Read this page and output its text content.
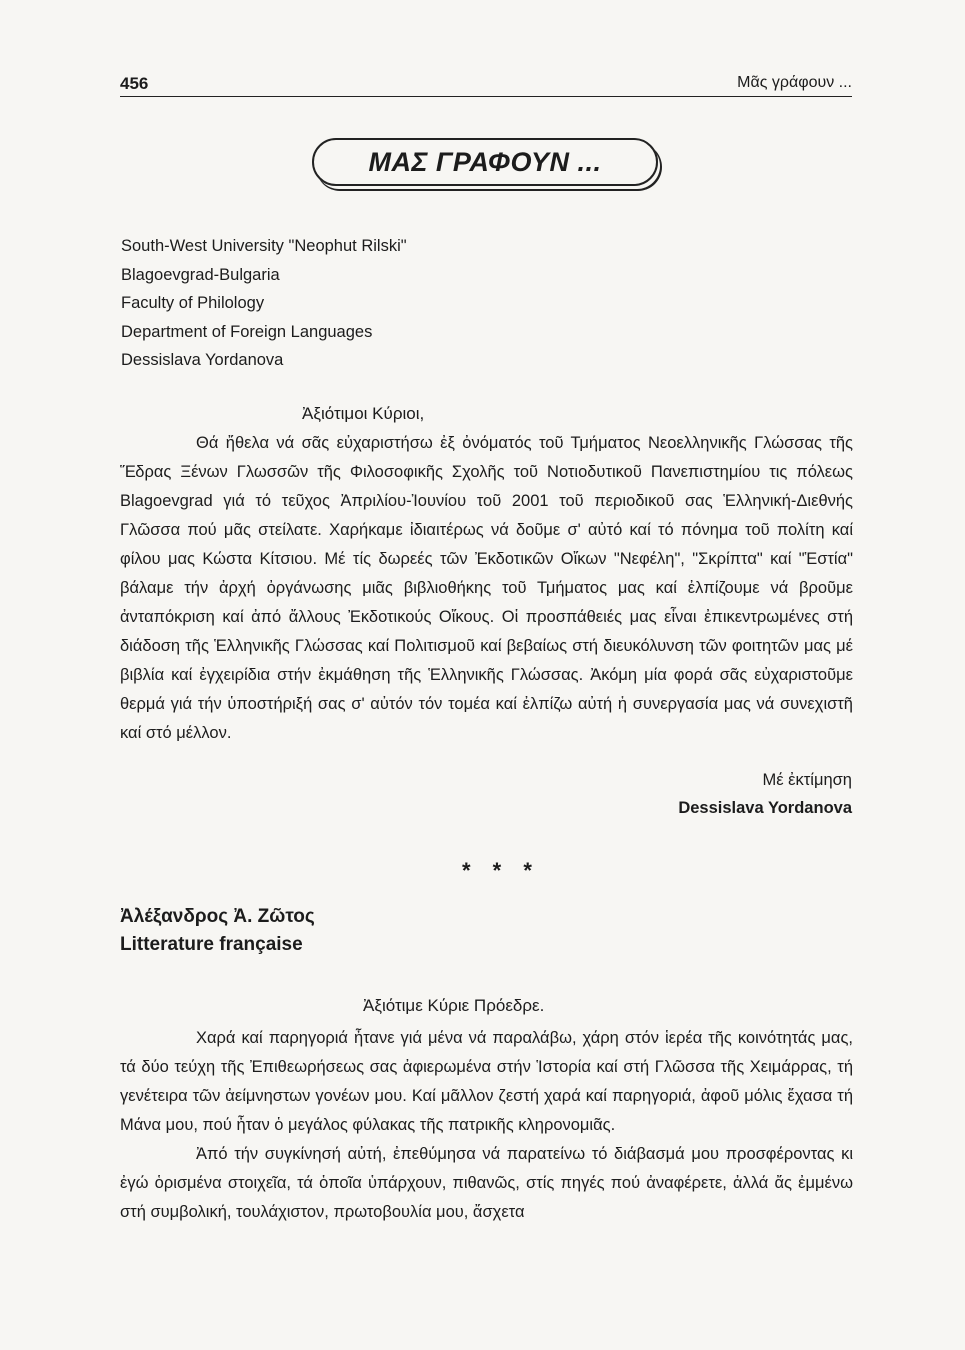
456	Μᾶς γράφουν ...
ΜΑΣ ΓΡΑΦΟΥΝ ...
South-West University "Neophut Rilski"
Blagoevgrad-Bulgaria
Faculty of Philology
Department of Foreign Languages
Dessislava Yordanova
Ἀξιότιμοι Κύριοι,

Θά ἤθελα νά σᾶς εὐχαριστήσω ἐξ ὀνόματός τοῦ Τμήματος Νεοελληνικῆς Γλώσσας τῆς Ἕδρας Ξένων Γλωσσῶν τῆς Φιλοσοφικῆς Σχολῆς τοῦ Νοτιοδυτικοῦ Πανεπιστημίου τις πόλεως Blagoevgrad γιά τό τεῦχος Ἀπριλίου-Ἰουνίου τοῦ 2001 τοῦ περιοδικοῦ σας Ἑλληνική-Διεθνής Γλῶσσα πού μᾶς στείλατε. Χαρήκαμε ἰδιαιτέρως νά δοῦμε σ' αὐτό καί τό πόνημα τοῦ πολίτη καί φίλου μας Κώστα Κίτσιου. Μέ τίς δωρεές τῶν Ἐκδοτικῶν Οἴκων "Νεφέλη", "Σκρίπτα" καί "Ἑστία" βάλαμε τήν ἀρχή ὀργάνωσης μιᾶς βιβλιοθήκης τοῦ Τμήματος μας καί ἐλπίζουμε νά βροῦμε ἀνταπόκριση καί ἀπό ἄλλους Ἐκδοτικούς Οἴκους. Οἱ προσπάθειές μας εἶναι ἐπικεντρωμένες στή διάδοση τῆς Ἑλληνικῆς Γλώσσας καί Πολιτισμοῦ καί βεβαίως στή διευκόλυνση τῶν φοιτητῶν μας μέ βιβλία καί ἐγχειρίδια στήν ἐκμάθηση τῆς Ἑλληνικῆς Γλώσσας. Ἀκόμη μία φορά σᾶς εὐχαριστοῦμε θερμά γιά τήν ὑποστήριξή σας σ' αὐτόν τόν τομέα καί ἐλπίζω αὐτή ἡ συνεργασία μας νά συνεχιστῆ καί στό μέλλον.

Μέ ἐκτίμηση
Dessislava Yordanova
* * *
Ἀλέξανδρος Ἀ. Ζῶτος
Litterature française
Ἀξιότιμε Κύριε Πρόεδρε.

Χαρά καί παρηγοριά ἦτανε γιά μένα νά παραλάβω, χάρη στόν ἱερέα τῆς κοινότητάς μας, τά δύο τεύχη τῆς Ἐπιθεωρήσεως σας ἀφιερωμένα στήν Ἱστορία καί στή Γλῶσσα τῆς Χειμάρρας, τή γενέτειρα τῶν ἀείμνηστων γονέων μου. Καί μᾶλλον ζεστή χαρά καί παρηγοριά, ἀφοῦ μόλις ἔχασα τή Μάνα μου, πού ἦταν ὁ μεγάλος φύλακας τῆς πατρικῆς κληρονομιᾶς.

Ἀπό τήν συγκίνησή αὐτή, ἐπεθύμησα νά παρατείνω τό διάβασμά μου προσφέροντας κι ἐγώ ὁρισμένα στοιχεῖα, τά ὁποῖα ὑπάρχουν, πιθανῶς, στίς πηγές πού ἀναφέρετε, ἀλλά ἄς ἐμμένω στή συμβολική, τουλάχιστον, πρωτοβουλία μου, ἄσχετα
